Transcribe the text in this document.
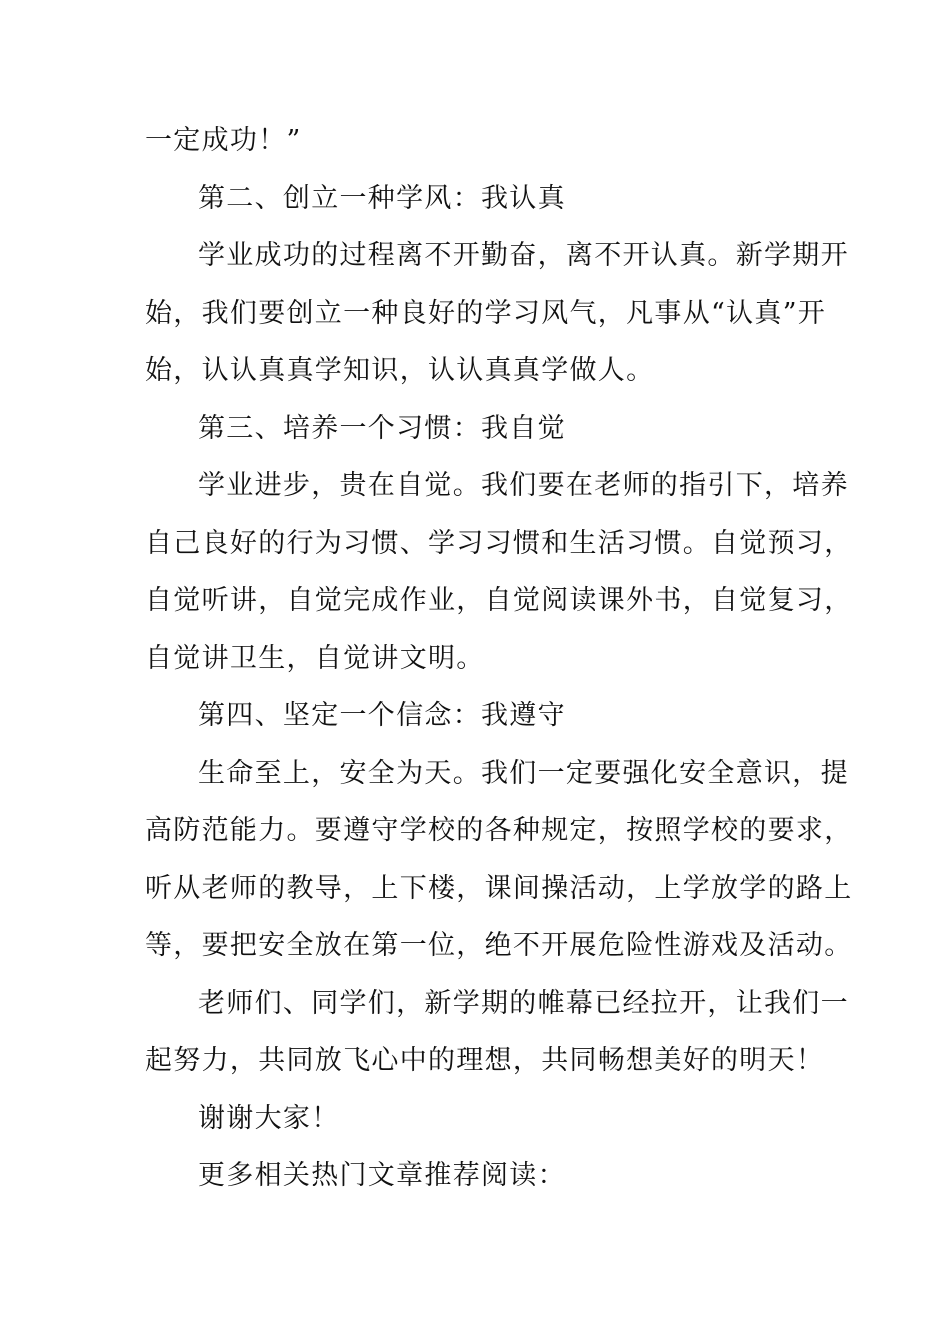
一定成功！”
第二、创立一种学风：我认真
学业成功的过程离不开勤奋，离不开认真。新学期开
始，我们要创立一种良好的学习风气，凡事从“认真”开
始，认认真真学知识，认认真真学做人。
第三、培养一个习惯：我自觉
学业进步，贵在自觉。我们要在老师的指引下，培养
自己良好的行为习惯、学习习惯和生活习惯。自觉预习，
自觉听讲，自觉完成作业，自觉阅读课外书，自觉复习，
自觉讲卫生，自觉讲文明。
第四、坚定一个信念：我遵守
生命至上，安全为天。我们一定要强化安全意识，提
高防范能力。要遵守学校的各种规定，按照学校的要求，
听从老师的教导，上下楼，课间操活动，上学放学的路上
等，要把安全放在第一位，绝不开展危险性游戏及活动。
老师们、同学们，新学期的帷幕已经拉开，让我们一
起努力，共同放飞心中的理想，共同畅想美好的明天！
谢谢大家！
更多相关热门文章推荐阅读：
